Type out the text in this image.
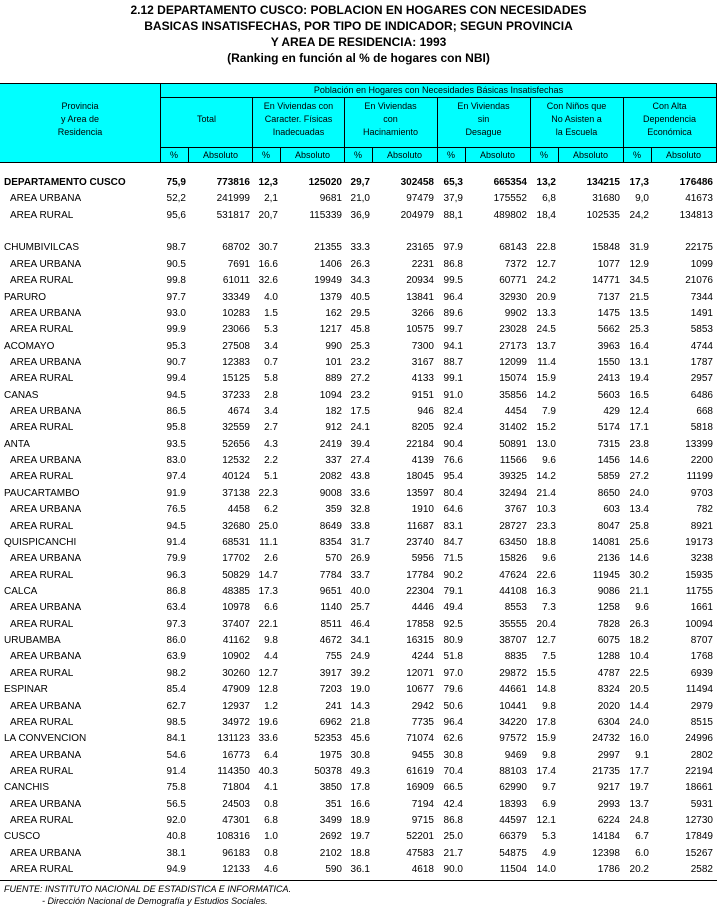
2.12 DEPARTAMENTO CUSCO: POBLACION EN HOGARES CON NECESIDADES
BASICAS INSATISFECHAS, POR TIPO DE INDICADOR; SEGUN PROVINCIA
Y AREA DE RESIDENCIA: 1993
(Ranking en función al % de hogares con NBI)
Provincia
y Area de
Residencia
Población en Hogares con Necesidades Básicas Insatisfechas

Total

En Viviendas con
Caracter. Físicas
Inadecuadas
En Viviendas
con
Hacinamiento
En Viviendas
sin
Desague
Con Niños que
No Asisten a
la Escuela
Con Alta
Dependencia
Económica
%	Absoluto	%	Absoluto	%	Absoluto	%	Absoluto	%	Absoluto	%	Absoluto
DEPARTAMENTO CUSCO	75,9	773816 12,3	125020 29,7	302458 65,3	665354 13,2	134215 17,3	176486
AREA URBANA	52,2	241999	2,1	9681 21,0	97479 37,9	175552	6,8	31680	9,0	41673
AREA RURAL	95,6	531817 20,7	115339 36,9	204979 88,1	489802 18,4	102535 24,2	134813
CHUMBIVILCAS	98.7	68702 30.7	21355 33.3	23165 97.9	68143 22.8	15848 31.9	22175
AREA URBANA	90.5	7691 16.6	1406 26.3	2231 86.8	7372 12.7	1077 12.9	1099
AREA RURAL	99.8	61011 32.6	19949 34.3	20934 99.5	60771 24.2	14771 34.5	21076
PARURO	97.7	33349	4.0	1379 40.5	13841 96.4	32930 20.9	7137 21.5	7344
AREA URBANA	93.0	10283	1.5	162 29.5	3266 89.6	9902 13.3	1475 13.5	1491
AREA RURAL	99.9	23066	5.3	1217 45.8	10575 99.7	23028 24.5	5662 25.3	5853
ACOMAYO	95.3	27508	3.4	990 25.3	7300 94.1	27173 13.7	3963 16.4	4744
AREA URBANA	90.7	12383	0.7	101 23.2	3167 88.7	12099	11.4	1550 13.1	1787
AREA RURAL	99.4	15125	5.8	889 27.2	4133 99.1	15074 15.9	2413 19.4	2957
CANAS	94.5	37233	2.8	1094 23.2	9151 91.0	35856 14.2	5603 16.5	6486
AREA URBANA	86.5	4674	3.4	182 17.5	946 82.4	4454	7.9	429 12.4	668
AREA RURAL	95.8	32559	2.7	912 24.1	8205 92.4	31402 15.2	5174 17.1	5818
ANTA	93.5	52656	4.3	2419 39.4	22184 90.4	50891 13.0	7315 23.8	13399
AREA URBANA	83.0	12532	2.2	337 27.4	4139 76.6	11566	9.6	1456 14.6	2200
AREA RURAL	97.4	40124	5.1	2082 43.8	18045 95.4	39325 14.2	5859 27.2	11199
PAUCARTAMBO	91.9	37138 22.3	9008 33.6	13597 80.4	32494 21.4	8650 24.0	9703
AREA URBANA	76.5	4458	6.2	359 32.8	1910 64.6	3767 10.3	603 13.4	782
AREA RURAL	94.5	32680 25.0	8649 33.8	11687 83.1	28727 23.3	8047 25.8	8921
QUISPICANCHI	91.4	68531 11.1	8354 31.7	23740 84.7	63450 18.8	14081 25.6	19173
AREA URBANA	79.9	17702	2.6	570 26.9	5956 71.5	15826	9.6	2136 14.6	3238
AREA RURAL	96.3	50829 14.7	7784 33.7	17784 90.2	47624 22.6	11945 30.2	15935
CALCA	86.8	48385 17.3	9651 40.0	22304 79.1	44108 16.3	9086 21.1	11755
AREA URBANA	63.4	10978	6.6	1140 25.7	4446 49.4	8553	7.3	1258	9.6	1661
AREA RURAL	97.3	37407 22.1	8511 46.4	17858 92.5	35555 20.4	7828 26.3	10094
URUBAMBA	86.0	41162	9.8	4672 34.1	16315 80.9	38707 12.7	6075 18.2	8707
AREA URBANA	63.9	10902	4.4	755 24.9	4244 51.8	8835	7.5	1288 10.4	1768
AREA RURAL	98.2	30260 12.7	3917 39.2	12071 97.0	29872 15.5	4787 22.5	6939
ESPINAR	85.4	47909 12.8	7203 19.0	10677 79.6	44661 14.8	8324 20.5	11494
AREA URBANA	62.7	12937	1.2	241 14.3	2942 50.6	10441	9.8	2020 14.4	2979
AREA RURAL	98.5	34972 19.6	6962 21.8	7735 96.4	34220 17.8	6304 24.0	8515
LA CONVENCION	84.1	131123 33.6	52353 45.6	71074 62.6	97572 15.9	24732 16.0	24996
AREA URBANA	54.6	16773	6.4	1975 30.8	9455 30.8	9469	9.8	2997	9.1	2802
AREA RURAL	91.4	114350 40.3	50378 49.3	61619 70.4	88103 17.4	21735 17.7	22194
CANCHIS	75.8	71804	4.1	3850 17.8	16909 66.5	62990	9.7	9217 19.7	18661
AREA URBANA	56.5	24503	0.8	351 16.6	7194 42.4	18393	6.9	2993 13.7	5931
AREA RURAL	92.0	47301	6.8	3499 18.9	9715 86.8	44597 12.1	6224 24.8	12730
CUSCO	40.8	108316	1.0	2692 19.7	52201 25.0	66379	5.3	14184	6.7	17849
AREA URBANA	38.1	96183	0.8	2102 18.8	47583 21.7	54875	4.9	12398	6.0	15267
AREA RURAL	94.9	12133	4.6	590 36.1	4618 90.0	11504 14.0	1786 20.2	2582
FUENTE: INSTITUTO NACIONAL DE ESTADISTICA E INFORMATICA.
- Dirección Nacional de Demografía y Estudios Sociales.
